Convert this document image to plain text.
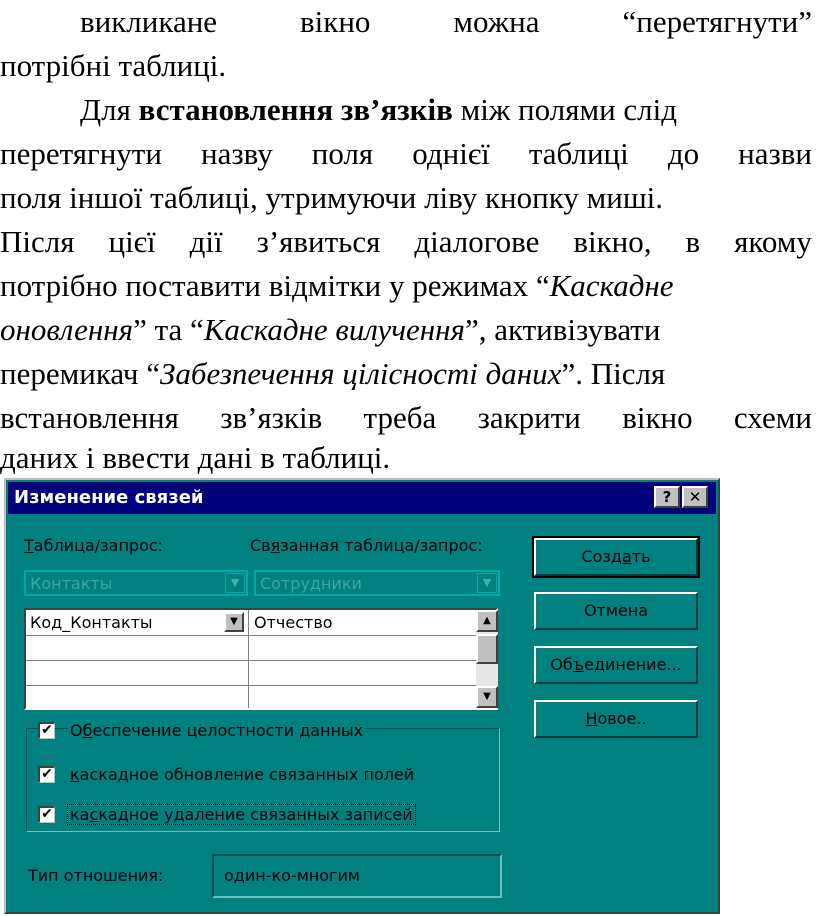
викликане	вікно	можна	“перетягнути”
потрібні таблиці.
Для встановлення зв’язків між полями слід
перетягнути назву поля однієї таблиці до назви
поля іншої таблиці, утримуючи ліву кнопку миші.
Після цієї дії з’явиться діалогове вікно, в якому
потрібно поставити відмітки у режимах “Каскадне
оновлення” та “Каскадне вилучення”, активізувати
перемикач “Забезпечення цілісності даних”. Після
встановлення зв’язків треба закрити вікно схеми
даних і ввести дані в таблиці.
Изменение связей	?	✕
Таблица/запрос:	Связанная таблица/запрос:
Контакты	▼	Сотрудники	▼
Код_Контакты	▼	Отчество	▲
▼
Создать
Отмена
Объединение...
Новое..
✔ Обеспечение целостности данных
✔ каскадное обновление связанных полей
✔ каскадное удаление связанных записей
Тип отношения:	один-ко-многим
